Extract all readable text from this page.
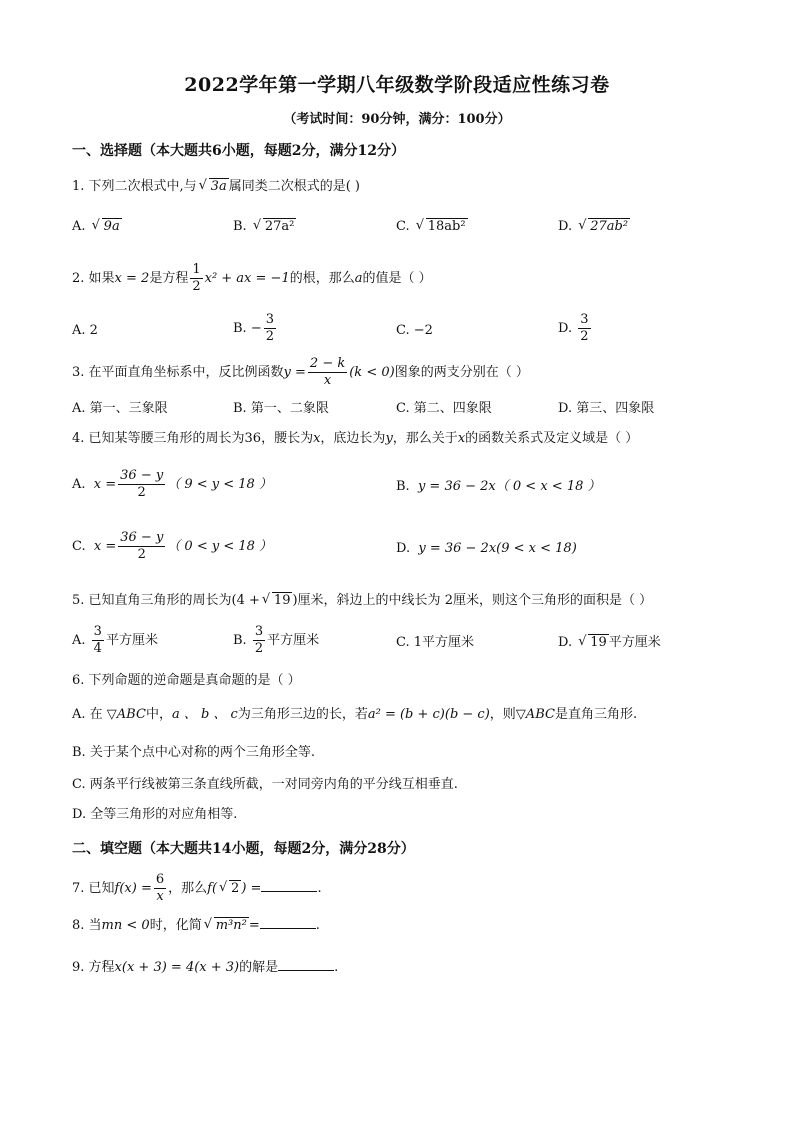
2022学年第一学期八年级数学阶段适应性练习卷
（考试时间：90分钟，满分：100分）
一、选择题（本大题共6小题，每题2分，满分12分）
1. 下列二次根式中,与 √ 3a 属同类二次根式的是( )
A. √ 9a	B. √ 27a²	C. √ 18ab²	D. √ 27ab²
2. 如果x = 2是方程 $\frac{1}{2} x^2$ + ax = −1的根，那么a的值是（ ）
A. 2	B. − $\frac{3}{2}$	C. −2	D. $\frac{3}{2}$
3. 在平面直角坐标系中，反比例函数$y = \frac{2 - k}{x} (k < 0)$图象的两支分别在（ ）
A. 第一、三象限	B. 第一、二象限	C. 第二、四象限	D. 第三、四象限
4. 已知某等腰三角形的周长为36，腰长为x，底边长为y，那么关于x的函数关系式及定义域是（ ）
A. $x = \frac{36 - y}{2}$ （ 9 < y < 18 ）	B. y = 36 − 2x（ 0 < x < 18 ）
C. $x = \frac{36 - y}{2}$ （ 0 < y < 18 ）	D. y = 36 − 2x(9 < x < 18)
5. 已知直角三角形的周长为(4 + √ 19 )厘米，斜边上的中线长为 2厘米，则这个三角形的面积是（ ）
A. $\frac{3}{4}$ 平方厘米	B. $\frac{3}{2}$ 平方厘米	C. 1平方厘米	D. √ 19 平方厘米
6. 下列命题的逆命题是真命题的是（ ）
A. 在 ▽ABC中，a 、 b 、 c为三角形三边的长，若a² = (b + c)(b − c)，则▽ABC是直角三角形.
B. 关于某个点中心对称的两个三角形全等.
C. 两条平行线被第三条直线所截，一对同旁内角的平分线互相垂直.
D. 全等三角形的对应角相等.
二、填空题（本大题共14小题，每题2分，满分28分）
7. 已知$f(x) = \frac{6}{x}$ ，那么f( √ 2 ) =	.
8. 当mn < 0时，化简 √ m³n² =	.
9. 方程x(x + 3) = 4(x + 3)的解是	.
